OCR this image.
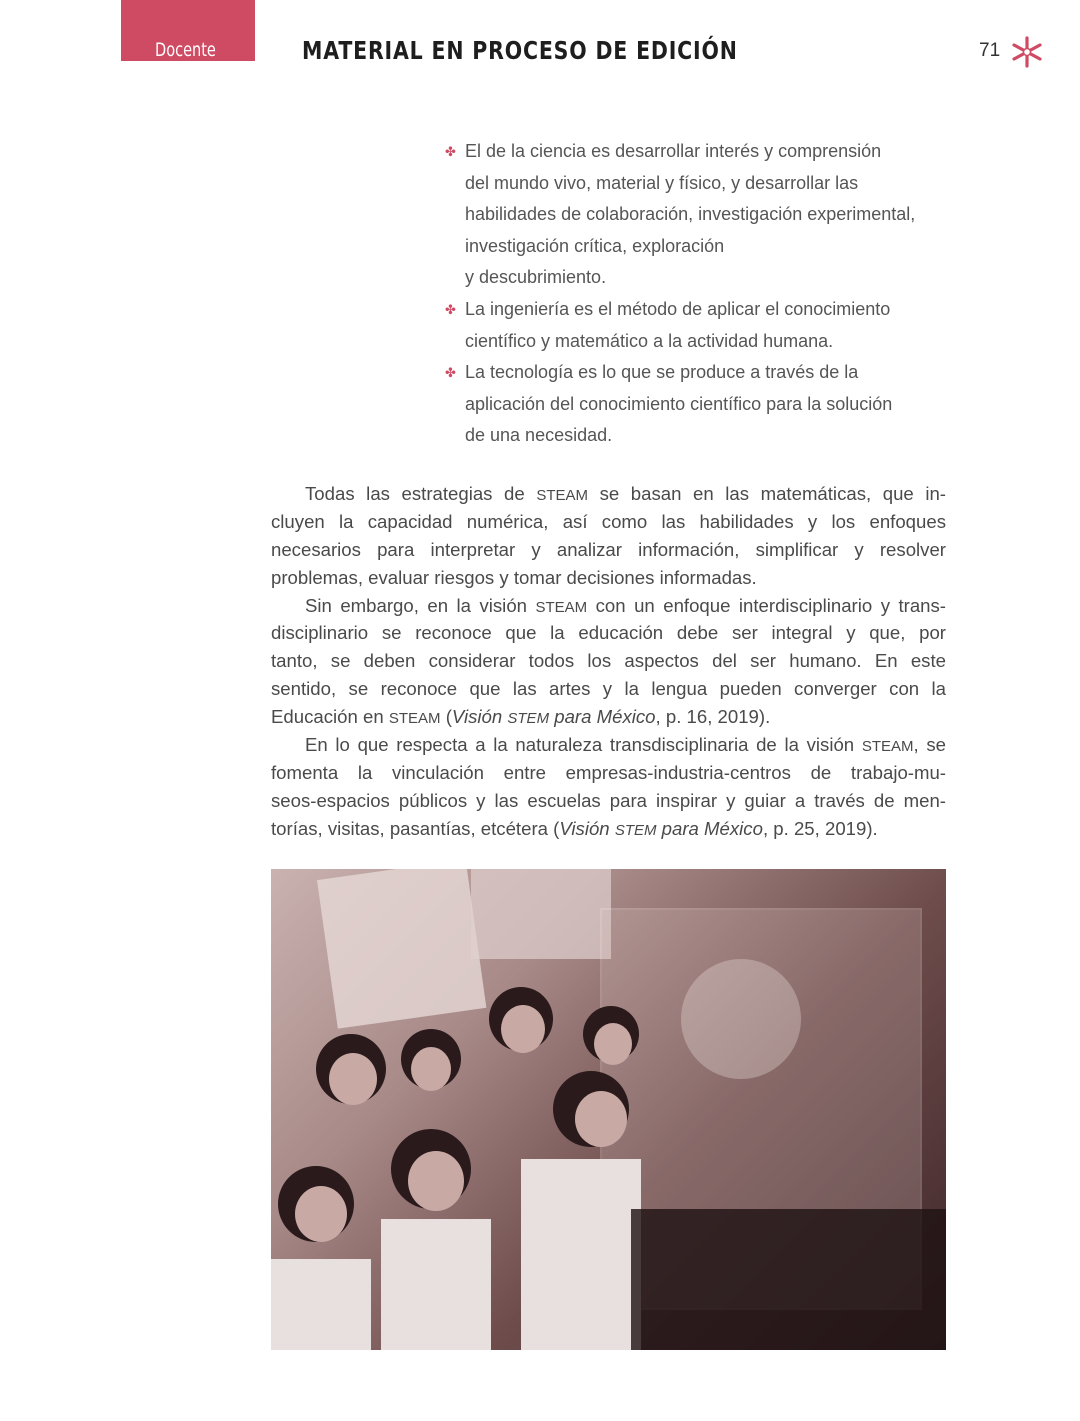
Docente	MATERIAL EN PROCESO DE EDICIÓN	71
✤ El de la ciencia es desarrollar interés y comprensión
del mundo vivo, material y físico, y desarrollar las
habilidades de colaboración, investigación experimental,
investigación crítica, exploración
y descubrimiento.
✤ La ingeniería es el método de aplicar el conocimiento
científico y matemático a la actividad humana.
✤ La tecnología es lo que se produce a través de la
aplicación del conocimiento científico para la solución
de una necesidad.
Todas las estrategias de STEAM se basan en las matemáticas, que in-
cluyen la capacidad numérica, así como las habilidades y los enfoques
necesarios para interpretar y analizar información, simplificar y resolver
problemas, evaluar riesgos y tomar decisiones informadas.
Sin embargo, en la visión STEAM con un enfoque interdisciplinario y trans-
disciplinario se reconoce que la educación debe ser integral y que, por
tanto, se deben considerar todos los aspectos del ser humano. En este
sentido, se reconoce que las artes y la lengua pueden converger con la
Educación en STEAM (Visión STEM para México, p. 16, 2019).
En lo que respecta a la naturaleza transdisciplinaria de la visión STEAM, se
fomenta la vinculación entre empresas-industria-centros de trabajo-mu-
seos-espacios públicos y las escuelas para inspirar y guiar a través de men-
torías, visitas, pasantías, etcétera (Visión STEM para México, p. 25, 2019).
